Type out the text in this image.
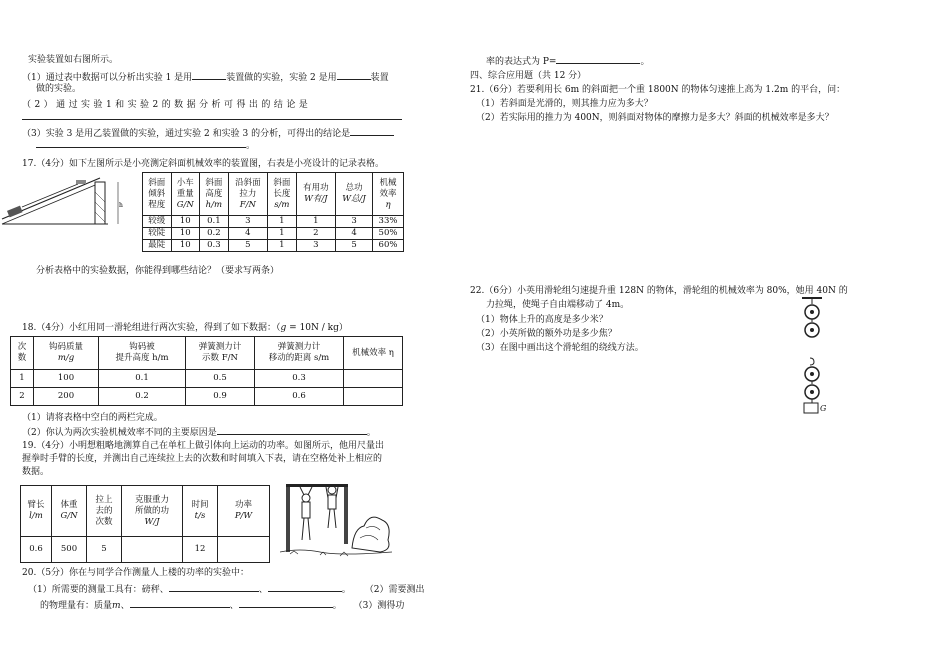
实验装置如右图所示。
（1）通过表中数据可以分析出实验 1 是用	装置做的实验，实验 2 是用	装置
做的实验。
（ 2 ） 通 过 实 验 1 和 实 验 2 的 数 据 分 析 可 得 出 的 结 论 是
（3）实验 3 是用乙装置做的实验，通过实验 2 和实验 3 的分析，可得出的结论是
。
17.（4分）如下左图所示是小亮测定斜面机械效率的装置图，右表是小亮设计的记录表格。
h
斜面
倾斜
程度	小车
重量
G/N	斜面
高度
h/m	沿斜面
拉力
F/N	斜面
长度
s/m	有用功
W有/J	总功
W总/J	机械
效率
η
较缓	10	0.1	3	1	1	3	33%
较陡	10	0.2	4	1	2	4	50%
最陡	10	0.3	5	1	3	5	60%
分析表格中的实验数据，你能得到哪些结论？（要求写两条）
18.（4分）小红用同一滑轮组进行两次实验，得到了如下数据：（g = 10N / kg）
次
数	钩码质量
m/g	钩码被
提升高度 h/m	弹簧测力计
示数 F/N	弹簧测力计
移动的距离 s/m	机械效率 η
1	100	0.1	0.5	0.3	
2	200	0.2	0.9	0.6	
（1）请将表格中空白的两栏完成。
（2）你认为两次实验机械效率不同的主要原因是	。
19.（4分）小明想粗略地测算自己在单杠上做引体向上运动的功率。如图所示，他用尺量出
握拳时手臂的长度，并测出自己连续拉上去的次数和时间填入下表，请在空格处补上相应的
数据。
臂长
l/m	体重
G/N	拉上
去的
次数	克服重力
所做的功
W/J	时间
t/s	功率
P/W
0.6	500	5		12	
20.（5分）你在与同学合作测量人上楼的功率的实验中：
（1）所需要的测量工具有：磅秤、	、	。 （2）需要测出
的物理量有：质量m、	、	。 （3）测得功
率的表达式为 P=	。
四、综合应用题（共 12 分）
21.（6分）若要利用长 6m 的斜面把一个重 1800N 的物体匀速推上高为 1.2m 的平台，问：
（1）若斜面是光滑的，则其推力应为多大？
（2）若实际用的推力为 400N，则斜面对物体的摩擦力是多大？斜面的机械效率是多大？
22.（6分）小英用滑轮组匀速提升重 128N 的物体，滑轮组的机械效率为 80%，她用 40N 的
力拉绳，使绳子自由端移动了 4m。
（1）物体上升的高度是多少米？
（2）小英所做的额外功是多少焦？
（3）在图中画出这个滑轮组的绕线方法。
G
